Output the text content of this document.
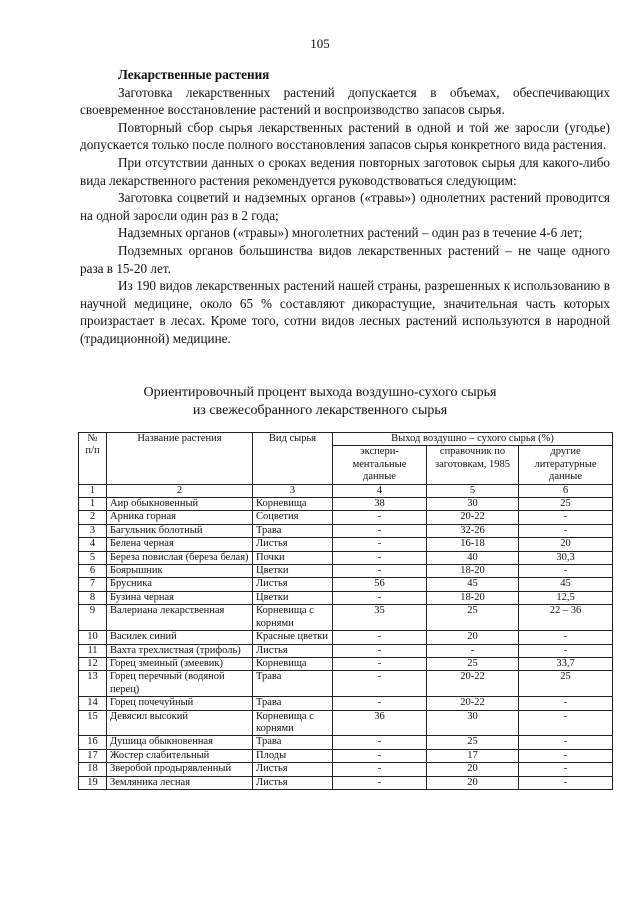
105

Лекарственные растения

Заготовка лекарственных растений допускается в объемах, обеспечивающих своевременное восстановление растений и воспроизводство запасов сырья.

Повторный сбор сырья лекарственных растений в одной и той же заросли (угодье) допускается только после полного восстановления запасов сырья конкретного вида растения.

При отсутствии данных о сроках ведения повторных заготовок сырья для какого-либо вида лекарственного растения рекомендуется руководствоваться следующим:

Заготовка соцветий и надземных органов («травы») однолетних растений проводится на одной заросли один раз в 2 года;

Надземных органов («травы») многолетних растений – один раз в течение 4-6 лет;

Подземных органов большинства видов лекарственных растений – не чаще одного раза в 15-20 лет.

Из 190 видов лекарственных растений нашей страны, разрешенных к использованию в научной медицине, около 65 % составляют дикорастущие, значительная часть которых произрастает в лесах. Кроме того, сотни видов лесных растений используются в народной (традиционной) медицине.

Ориентировочный процент выхода воздушно-сухого сырья
из свежесобранного лекарственного сырья
№ п/п	Название растения	Вид сырья	Выход воздушно – сухого сырья (%)		
			экспери-ментальные данные	справочник по заготовкам, 1985	другие литературные данные
1	2	3	4	5	6
1	Аир обыкновенный	Корневища	38	30	25
2	Арника горная	Соцветия	-	20-22	-
3	Багульник болотный	Трава	-	32-26	-
4	Белена черная	Листья	-	16-18	20
5	Береза повислая (береза белая)	Почки	-	40	30,3
6	Боярышник	Цветки	-	18-20	-
7	Брусника	Листья	56	45	45
8	Бузина черная	Цветки	-	18-20	12,5
9	Валериана лекарственная	Корневища с корнями	35	25	22 – 36
10	Василек синий	Красные цветки	-	20	-
11	Вахта трехлистная (трифоль)	Листья	-	-	-
12	Горец змеиный (змеевик)	Корневища	-	25	33,7
13	Горец перечный (водяной перец)	Трава	-	20-22	25
14	Горец почечуйный	Трава	-	20-22	-
15	Девясил высокий	Корневища с корнями	36	30	-
16	Душица обыкновенная	Трава	-	25	-
17	Жостер слабительный	Плоды	-	17	-
18	Зверобой продырявленный	Листья	-	20	-
19	Земляника лесная	Листья	-	20	-
